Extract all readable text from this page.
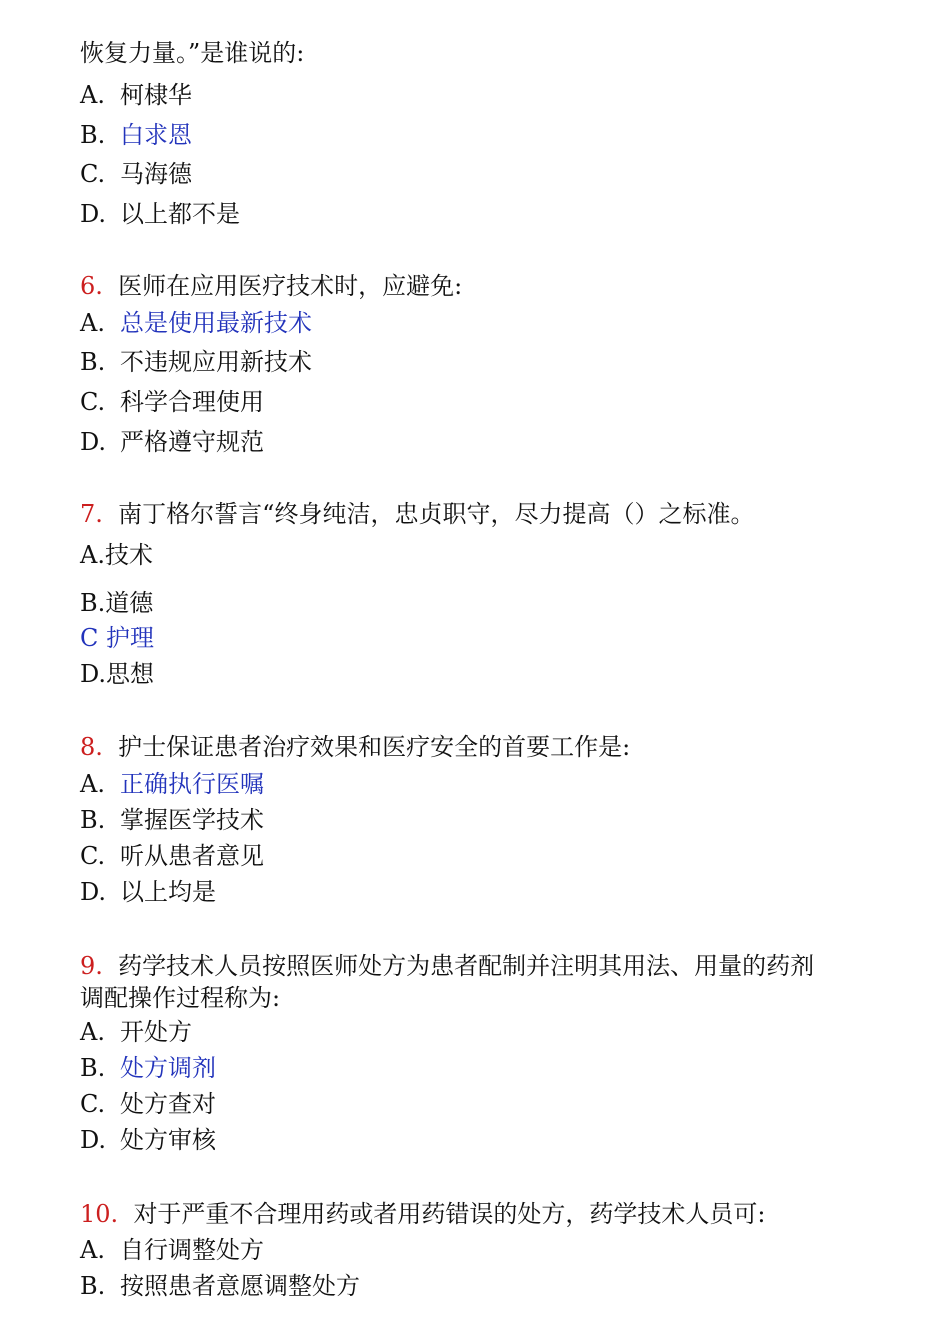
恢复力量。”是谁说的:
A. 柯棣华
B. 白求恩
C. 马海德
D. 以上都不是
6. 医师在应用医疗技术时，应避免:
A. 总是使用最新技术
B. 不违规应用新技术
C. 科学合理使用
D. 严格遵守规范
7. 南丁格尔誓言“终身纯洁，忠贞职守，尽力提高（）之标准。
A.技术
B.道德
C 护理
D.思想
8. 护士保证患者治疗效果和医疗安全的首要工作是:
A. 正确执行医嘱
B. 掌握医学技术
C. 听从患者意见
D. 以上均是
9. 药学技术人员按照医师处方为患者配制并注明其用法、用量的药剂
调配操作过程称为:
A. 开处方
B. 处方调剂
C. 处方查对
D. 处方审核
10. 对于严重不合理用药或者用药错误的处方，药学技术人员可:
A. 自行调整处方
B. 按照患者意愿调整处方
